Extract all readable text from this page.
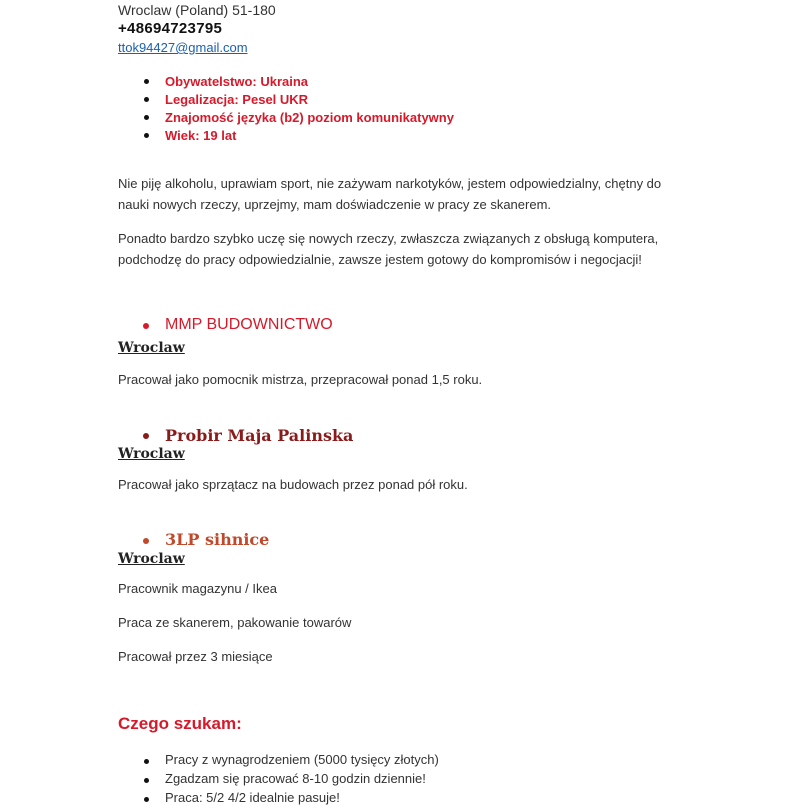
Wroclaw (Poland) 51-180
+48694723795
ttok94427@gmail.com
Obywatelstwo: Ukraina
Legalizacja: Pesel UKR
Znajomość języka (b2) poziom komunikatywny
Wiek: 19 lat
Nie piję alkoholu, uprawiam sport, nie zażywam narkotyków, jestem odpowiedzialny, chętny do
nauki nowych rzeczy, uprzejmy, mam doświadczenie w pracy ze skanerem.
Ponadto bardzo szybko uczę się nowych rzeczy, zwłaszcza związanych z obsługą komputera,
podchodzę do pracy odpowiedzialnie, zawsze jestem gotowy do kompromisów i negocjacji!
MMP BUDOWNICTWO
Wroclaw
Pracował jako pomocnik mistrza, przepracował ponad 1,5 roku.
Probir Maja Palinska
Wroclaw
Pracował jako sprzątacz na budowach przez ponad pół roku.
3LP sihnice
Wroclaw
Pracownik magazynu / Ikea
Praca ze skanerem, pakowanie towarów
Pracował przez 3 miesiące
Czego szukam:
Pracy z wynagrodzeniem (5000 tysięcy złotych)
Zgadzam się pracować 8-10 godzin dziennie!
Praca: 5/2 4/2 idealnie pasuje!
